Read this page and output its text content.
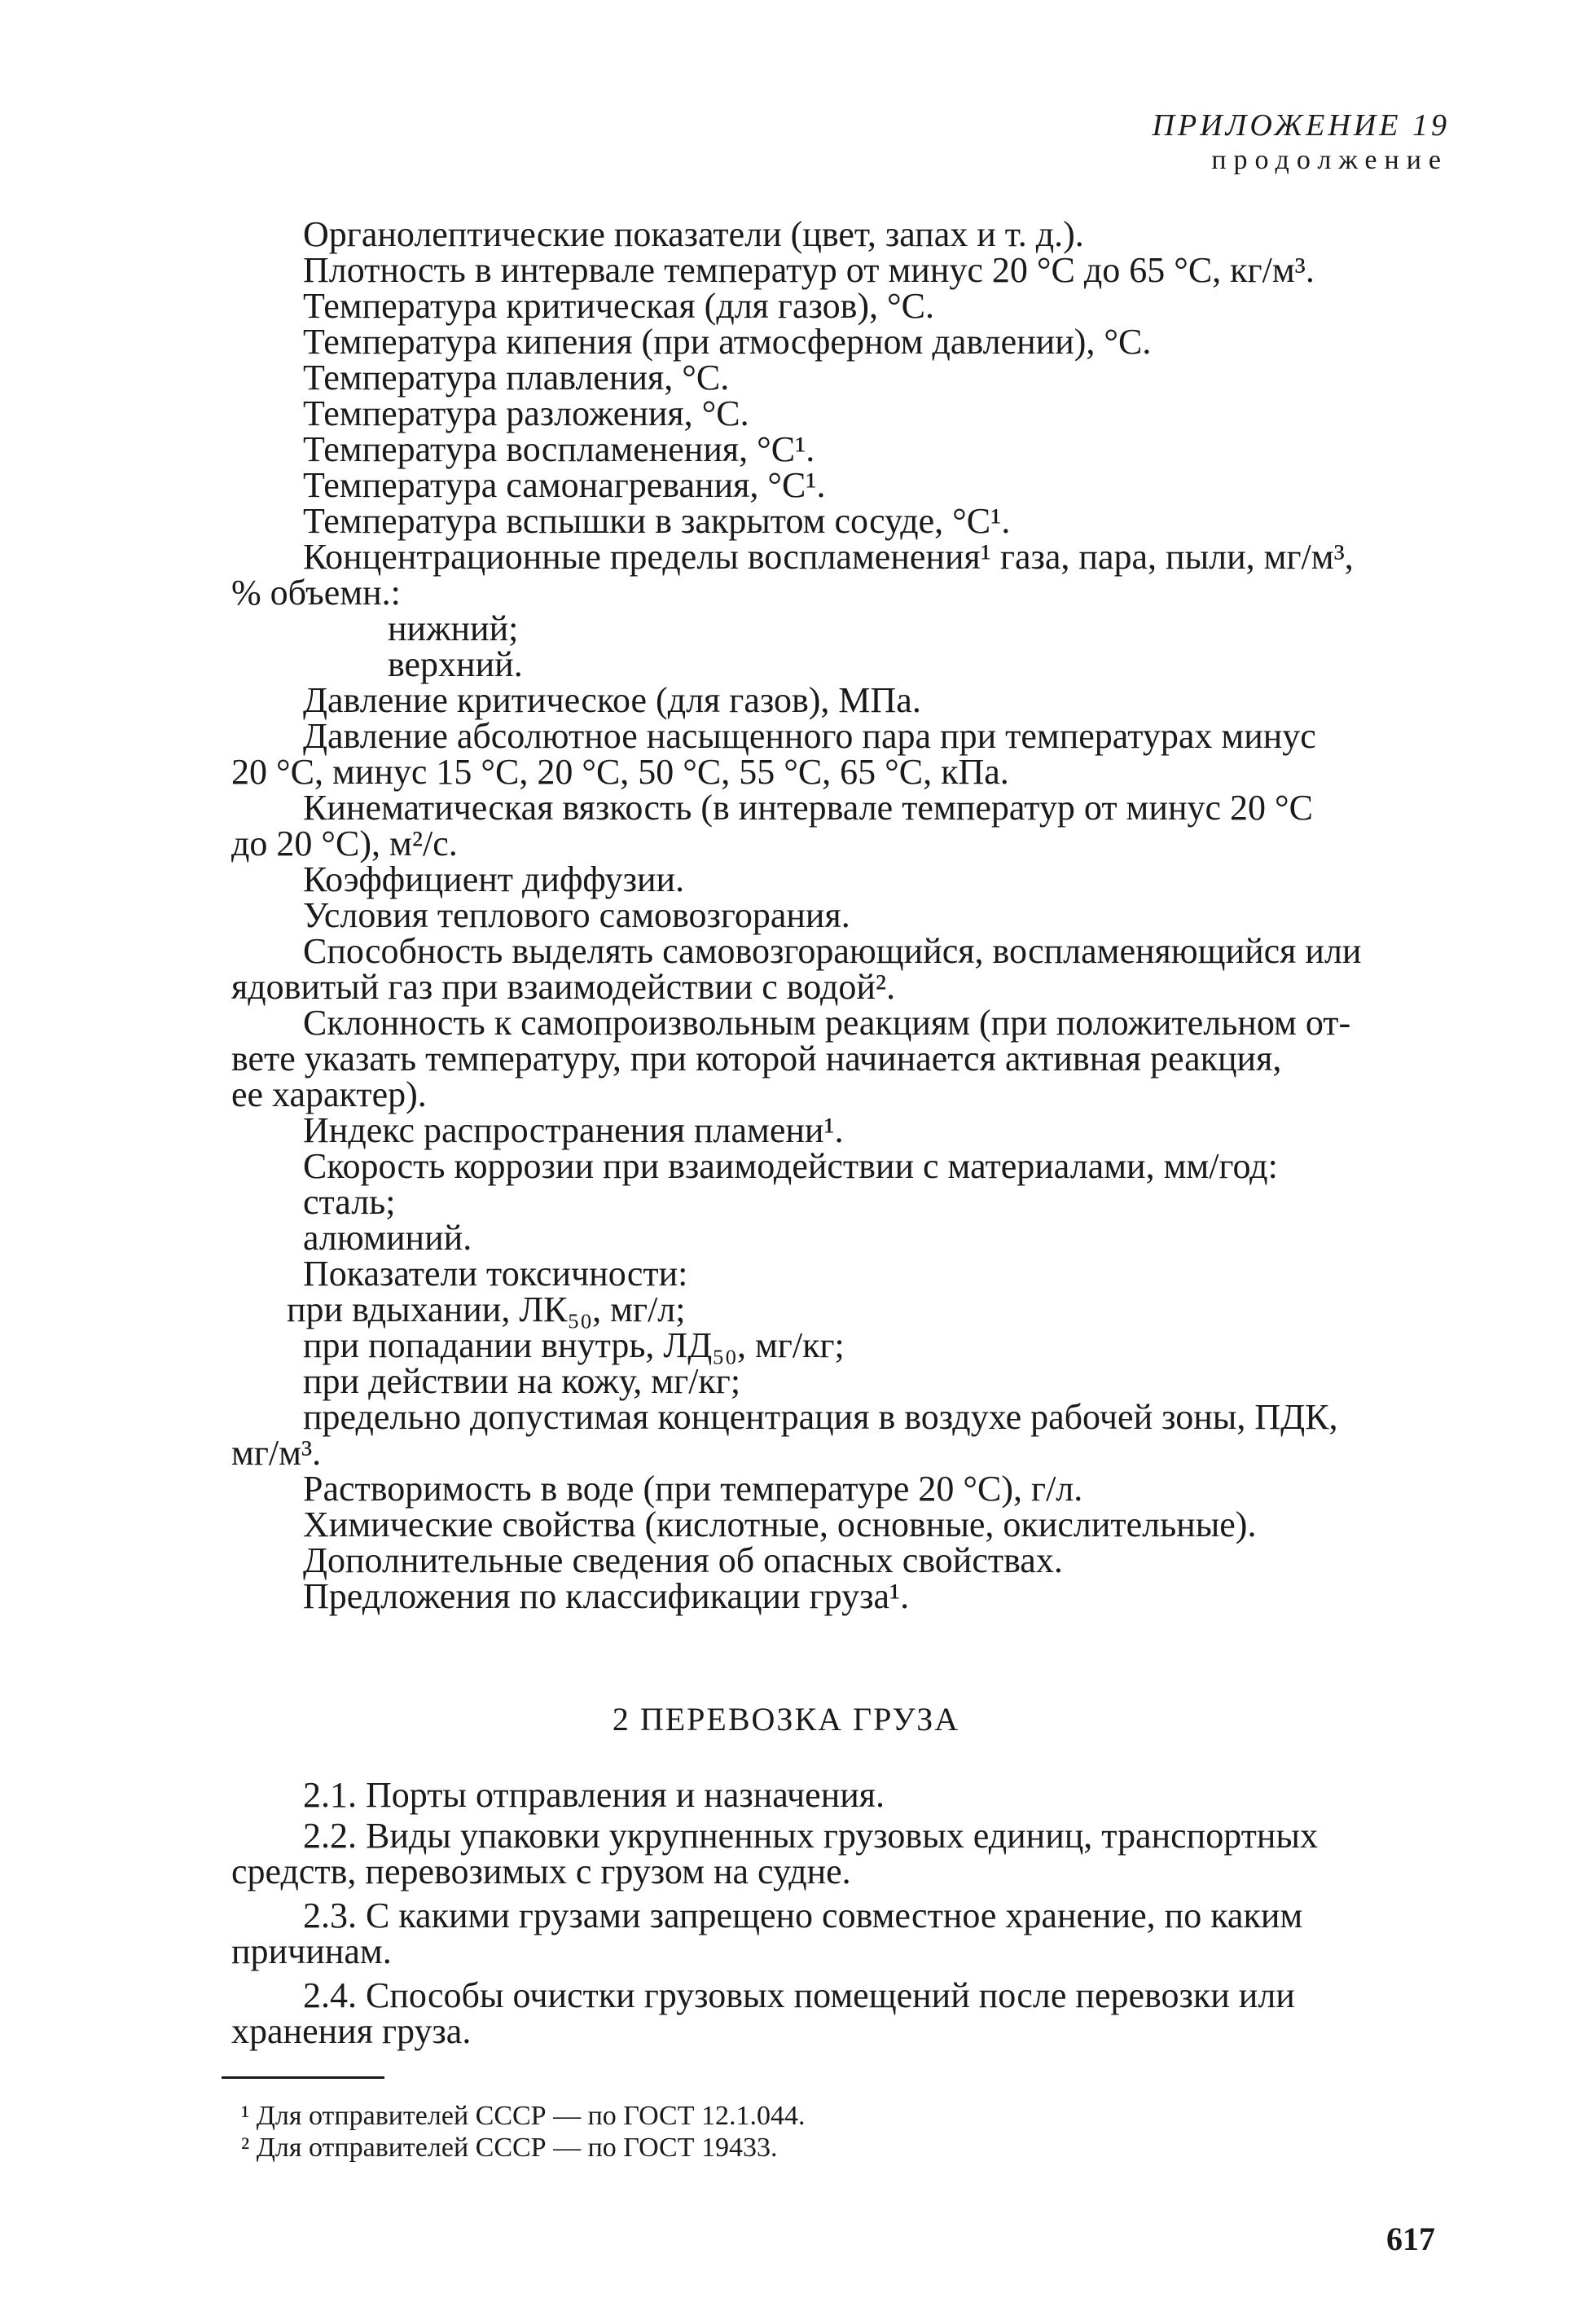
ПРИЛОЖЕНИЕ 19
продолжение
Органолептические показатели (цвет, запах и т. д.).
Плотность в интервале температур от минус 20 °С до 65 °С, кг/м³.
Температура критическая (для газов), °С.
Температура кипения (при атмосферном давлении), °С.
Температура плавления, °С.
Температура разложения, °С.
Температура воспламенения, °С¹.
Температура самонагревания, °С¹.
Температура вспышки в закрытом сосуде, °С¹.
Концентрационные пределы воспламенения¹ газа, пара, пыли, мг/м³,
% объемн.:
нижний;
верхний.
Давление критическое (для газов), МПа.
Давление абсолютное насыщенного пара при температурах минус
20 °С, минус 15 °С, 20 °С, 50 °С, 55 °С, 65 °С, кПа.
Кинематическая вязкость (в интервале температур от минус 20 °С
до 20 °С), м²/с.
Коэффициент диффузии.
Условия теплового самовозгорания.
Способность выделять самовозгорающийся, воспламеняющийся или
ядовитый газ при взаимодействии с водой².
Склонность к самопроизвольным реакциям (при положительном от-
вете указать температуру, при которой начинается активная реакция,
ее характер).
Индекс распространения пламени¹.
Скорость коррозии при взаимодействии с материалами, мм/год:
сталь;
алюминий.
Показатели токсичности:
при вдыхании, ЛК₅₀, мг/л;
при попадании внутрь, ЛД₅₀, мг/кг;
при действии на кожу, мг/кг;
предельно допустимая концентрация в воздухе рабочей зоны, ПДК,
мг/м³.
Растворимость в воде (при температуре 20 °С), г/л.
Химические свойства (кислотные, основные, окислительные).
Дополнительные сведения об опасных свойствах.
Предложения по классификации груза¹.
2 ПЕРЕВОЗКА ГРУЗА
2.1. Порты отправления и назначения.
2.2. Виды упаковки укрупненных грузовых единиц, транспортных
средств, перевозимых с грузом на судне.
2.3. С какими грузами запрещено совместное хранение, по каким
причинам.
2.4. Способы очистки грузовых помещений после перевозки или
хранения груза.
¹ Для отправителей СССР — по ГОСТ 12.1.044.
² Для отправителей СССР — по ГОСТ 19433.
617
